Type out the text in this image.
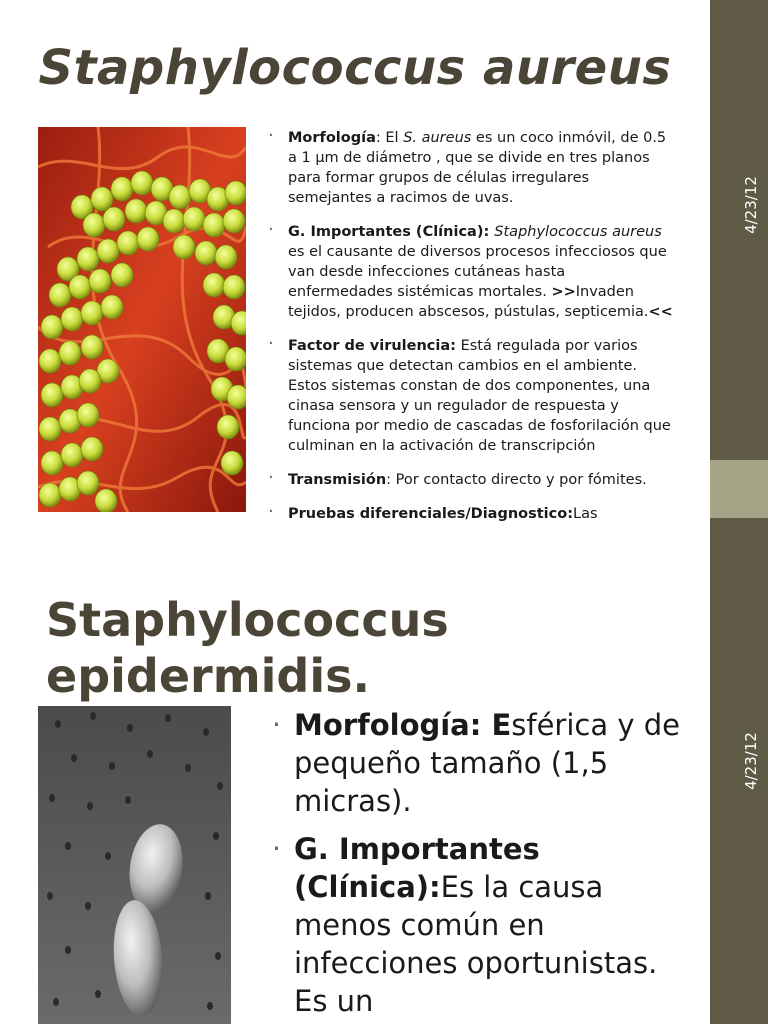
4/23/12
Staphylococcus aureus
· Morfología: El S. aureus es un coco inmóvil, de 0.5 a 1 µm de diámetro , que se divide en tres planos para formar grupos de células irregulares semejantes a racimos de uvas.
· G. Importantes (Clínica): Staphylococcus aureus es el causante de diversos procesos infecciosos que van desde infecciones cutáneas hasta enfermedades sistémicas mortales. >>Invaden tejidos, producen abscesos, pústulas, septicemia.<<
· Factor de virulencia: Está regulada por varios sistemas que detectan cambios en el ambiente. Estos sistemas constan de dos componentes, una cinasa sensora y un regulador de respuesta y funciona por medio de cascadas de fosforilación que culminan en la activación de transcripción
· Transmisión: Por contacto directo y por fómites.
· Pruebas diferenciales/Diagnostico:Las
4/23/12
Staphylococcus
epidermidis.
· Morfología: Esférica y de pequeño tamaño (1,5 micras).
· G. Importantes (Clínica):Es la causa menos común en infecciones oportunistas. Es un
